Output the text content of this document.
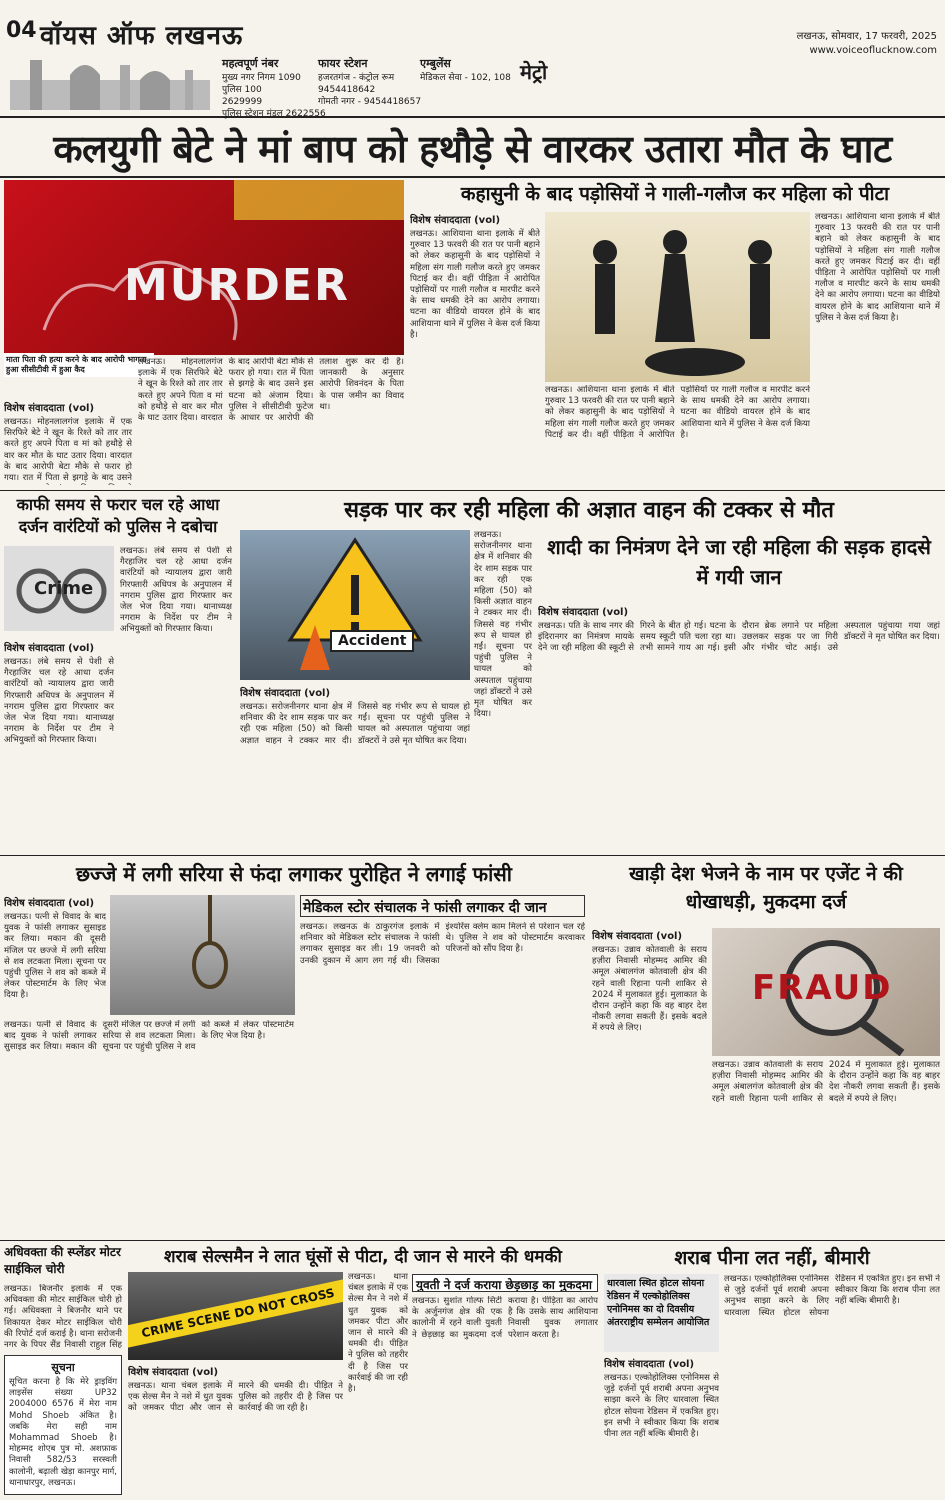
04 वॉयस ऑफ लखनऊ
महत्वपूर्ण नंबर
मुख्य नगर निगम 1090
पुलिस 100
2629999
पुलिस स्टेशन मंडल 2622556
फायर स्टेशन
हजरतगंज - कंट्रोल रूम
9454418642
गोमती नगर - 9454418657
एम्बुलेंस
मेडिकल सेवा - 102, 108 मेट्रो
लखनऊ, सोमवार, 17 फरवरी, 2025
www.voiceoflucknow.com
कलयुगी बेटे ने मां बाप को हथौड़े से वारकर उतारा मौत के घाट
MURDER
माता पिता की हत्या करने के बाद आरोपी भागता हुआ सीसीटीवी में हुआ कैद
विशेष संवाददाता (vol)
लखनऊ। मोहनलालगंज इलाके में एक सिरफिरे बेटे ने खून के रिश्ते को तार तार करते हुए अपने पिता व मां को हथौड़े से वार कर मौत के घाट उतार दिया। वारदात के बाद आरोपी बेटा मौके से फरार हो गया। रात में पिता से झगड़े के बाद उसने
लखनऊ। मोहनलालगंज इलाके में एक सिरफिरे बेटे ने खून के रिश्ते को तार तार करते हुए अपने पिता व मां को हथौड़े से वार कर मौत के घाट उतार दिया। वारदात के बाद आरोपी बेटा मौके से फरार हो गया। रात में पिता से झगड़े के बाद उसने इस घटना को अंजाम दिया। पुलिस ने सीसीटीवी फुटेज के आधार पर आरोपी की तलाश शुरू कर दी है। जानकारी के अनुसार आरोपी शिवनंदन के पिता के पास जमीन का विवाद था।
कहासुनी के बाद पड़ोसियों ने गाली-गलौज कर महिला को पीटा
विशेष संवाददाता (vol)
लखनऊ। आशियाना थाना इलाके में बीते गुरुवार 13 फरवरी की रात पर पानी बहाने को लेकर कहासुनी के बाद पड़ोसियों ने महिला संग गाली गलौज करते हुए जमकर पिटाई कर दी। वहीं पीड़िता ने आरोपित पड़ोसियों पर गाली गलौज व मारपीट करने के साथ धमकी देने का आरोप लगाया। घटना का वीडियो वायरल होने के बाद आशियाना थाने में पुलिस ने केस दर्ज किया है।
लखनऊ। आशियाना थाना इलाके में बीते गुरुवार 13 फरवरी की रात पर पानी बहाने को लेकर कहासुनी के बाद पड़ोसियों ने महिला संग गाली गलौज करते हुए जमकर पिटाई कर दी। वहीं पीड़िता ने आरोपित पड़ोसियों पर गाली गलौज व मारपीट करने के साथ धमकी देने का आरोप लगाया। घटना का वीडियो वायरल होने के बाद आशियाना थाने में पुलिस ने केस दर्ज किया है।
लखनऊ। आशियाना थाना इलाके में बीते गुरुवार 13 फरवरी की रात पर पानी बहाने को लेकर कहासुनी के बाद पड़ोसियों ने महिला संग गाली गलौज करते हुए जमकर पिटाई कर दी। वहीं पीड़िता ने आरोपित पड़ोसियों पर गाली गलौज व मारपीट करने के साथ धमकी देने का आरोप लगाया। घटना का वीडियो वायरल होने के बाद आशियाना थाने में पुलिस ने केस दर्ज किया है।
काफी समय से फरार चल रहे आधा दर्जन वारंटियों को पुलिस ने दबोचा
Crime
विशेष संवाददाता (vol)
लखनऊ। लंबे समय से पेशी से गैरहाजिर चल रहे आधा दर्जन वारंटियों को न्यायालय द्वारा जारी गिरफ्तारी अधिपत्र के अनुपालन में नगराम पुलिस द्वारा गिरफ्तार कर जेल भेज दिया गया। थानाध्यक्ष नगराम के निर्देश पर टीम ने अभियुक्तों को गिरफ्तार किया।
लखनऊ। लंबे समय से पेशी से गैरहाजिर चल रहे आधा दर्जन वारंटियों को न्यायालय द्वारा जारी गिरफ्तारी अधिपत्र के अनुपालन में नगराम पुलिस द्वारा गिरफ्तार कर जेल भेज दिया गया। थानाध्यक्ष नगराम के निर्देश पर टीम ने अभियुक्तों को गिरफ्तार किया।
सड़क पार कर रही महिला की अज्ञात वाहन की टक्कर से मौत
Accident
विशेष संवाददाता (vol)
लखनऊ। सरोजनीनगर थाना क्षेत्र में शनिवार की देर शाम सड़क पार कर रही एक महिला (50) को किसी अज्ञात वाहन ने टक्कर मार दी। जिससे वह गंभीर रूप से घायल हो गईं। सूचना पर पहुंची पुलिस ने घायल को अस्पताल पहुंचाया जहां डॉक्टरों ने उसे मृत घोषित कर दिया।
लखनऊ। सरोजनीनगर थाना क्षेत्र में शनिवार की देर शाम सड़क पार कर रही एक महिला (50) को किसी अज्ञात वाहन ने टक्कर मार दी। जिससे वह गंभीर रूप से घायल हो गईं। सूचना पर पहुंची पुलिस ने घायल को अस्पताल पहुंचाया जहां डॉक्टरों ने उसे मृत घोषित कर दिया।
शादी का निमंत्रण देने जा रही महिला की सड़क हादसे में गयी जान
विशेष संवाददाता (vol)
लखनऊ। पति के साथ नगर की इंदिरानगर का निमंत्रण मायके देने जा रही महिला की स्कूटी से गिरने के बीत हो गई। घटना के समय स्कूटी पति चला रहा था। तभी सामने गाय आ गई। इसी दौरान ब्रेक लगाने पर महिला उछलकर सड़क पर जा गिरी और गंभीर चोट आई। उसे अस्पताल पहुंचाया गया जहां डॉक्टरों ने मृत घोषित कर दिया।
छज्जे में लगी सरिया से फंदा लगाकर पुरोहित ने लगाई फांसी
विशेष संवाददाता (vol)
लखनऊ। पत्नी से विवाद के बाद युवक ने फांसी लगाकर सुसाइड कर लिया। मकान की दूसरी मंजिल पर छज्जे में लगी सरिया से शव लटकता मिला। सूचना पर पहुंची पुलिस ने शव को कब्जे में लेकर पोस्टमार्टम के लिए भेज दिया है।
लखनऊ। पत्नी से विवाद के बाद युवक ने फांसी लगाकर सुसाइड कर लिया। मकान की दूसरी मंजिल पर छज्जे में लगी सरिया से शव लटकता मिला। सूचना पर पहुंची पुलिस ने शव को कब्जे में लेकर पोस्टमार्टम के लिए भेज दिया है।
मेडिकल स्टोर संचालक ने फांसी लगाकर दी जान
लखनऊ। लखनऊ के ठाकुरगंज इलाके में शनिवार को मेडिकल स्टोर संचालक ने फांसी लगाकर सुसाइड कर ली। 19 जनवरी को उनकी दुकान में आग लग गई थी। जिसका इंश्योरेंस क्लेम काम मिलने से परेशान चल रहे थे। पुलिस ने शव को पोस्टमार्टम करवाकर परिजनों को सौंप दिया है।
खाड़ी देश भेजने के नाम पर एजेंट ने की धोखाधड़ी, मुकदमा दर्ज
विशेष संवाददाता (vol)
लखनऊ। उन्नाव कोतवाली के सराय हज़ीरा निवासी मोहम्मद आमिर की अमूल अंबालगंज कोतवाली क्षेत्र की रहने वाली रिहाना पत्नी शाकिर से 2024 में मुलाकात हुई। मुलाकात के दौरान उन्होंने कहा कि वह बाहर देश नौकरी लगवा सकती हैं। इसके बदले में रुपये ले लिए।
FRAUD
लखनऊ। उन्नाव कोतवाली के सराय हज़ीरा निवासी मोहम्मद आमिर की अमूल अंबालगंज कोतवाली क्षेत्र की रहने वाली रिहाना पत्नी शाकिर से 2024 में मुलाकात हुई। मुलाकात के दौरान उन्होंने कहा कि वह बाहर देश नौकरी लगवा सकती हैं। इसके बदले में रुपये ले लिए।
अधिवक्ता की स्प्लेंडर मोटर साईकिल चोरी
लखनऊ। बिजनौर इलाके में एक अधिवक्ता की मोटर साईकिल चोरी हो गई। अधिवक्ता ने बिजनौर थाने पर शिकायत देकर मोटर साईकिल चोरी की रिपोर्ट दर्ज कराई है। थाना सरोजनी नगर के पिपर सैंड निवासी राहुल सिंह
सूचना
सूचित करना है कि मेरे ड्राइविंग लाइसेंस संख्या UP32 2004000 6576 में मेरा नाम Mohd Shoeb अंकित है। जबकि मेरा सही नाम Mohammad Shoeb है। मोहम्मद शोएब पुत्र मो. अशफ़ाक निवासी 582/53 सरस्वती कालोनी, बढ़ाली खेड़ा कानपुर मार्ग, थानाधारपुर, लखनऊ।
शराब सेल्समैन ने लात घूंसों से पीटा, दी जान से मारने की धमकी
CRIME SCENE DO NOT CROSS
विशेष संवाददाता (vol)
लखनऊ। थाना चंबल इलाके में एक सेल्स मैन ने नशे में धुत युवक को जमकर पीटा और जान से मारने की धमकी दी। पीड़ित ने पुलिस को तहरीर दी है जिस पर कार्रवाई की जा रही है।
लखनऊ। थाना चंबल इलाके में एक सेल्स मैन ने नशे में धुत युवक को जमकर पीटा और जान से मारने की धमकी दी। पीड़ित ने पुलिस को तहरीर दी है जिस पर कार्रवाई की जा रही है।
युवती ने दर्ज कराया छेड़छाड़ का मुकदमा
लखनऊ। सुशांत गोल्फ सिटी के अर्जुनगंज क्षेत्र की एक कालोनी में रहने वाली युवती ने छेड़छाड़ का मुकदमा दर्ज कराया है। पीड़िता का आरोप है कि उसके साथ आशियाना निवासी युवक लगातार परेशान करता है।
शराब पीना लत नहीं, बीमारी
धारवाला स्थित होटल सोयना रेडिसन में एल्कोहोलिक्स एनोनिमस का दो दिवसीय अंतरराष्ट्रीय सम्मेलन आयोजित
विशेष संवाददाता (vol)
लखनऊ। एल्कोहोलिक्स एनोनिमस से जुड़े दर्जनों पूर्व शराबी अपना अनुभव साझा करने के लिए धारवाला स्थित होटल सोयना रेडिसन में एकत्रित हुए। इन सभी ने स्वीकार किया कि शराब पीना लत नहीं बल्कि बीमारी है।
लखनऊ। एल्कोहोलिक्स एनोनिमस से जुड़े दर्जनों पूर्व शराबी अपना अनुभव साझा करने के लिए धारवाला स्थित होटल सोयना रेडिसन में एकत्रित हुए। इन सभी ने स्वीकार किया कि शराब पीना लत नहीं बल्कि बीमारी है।
